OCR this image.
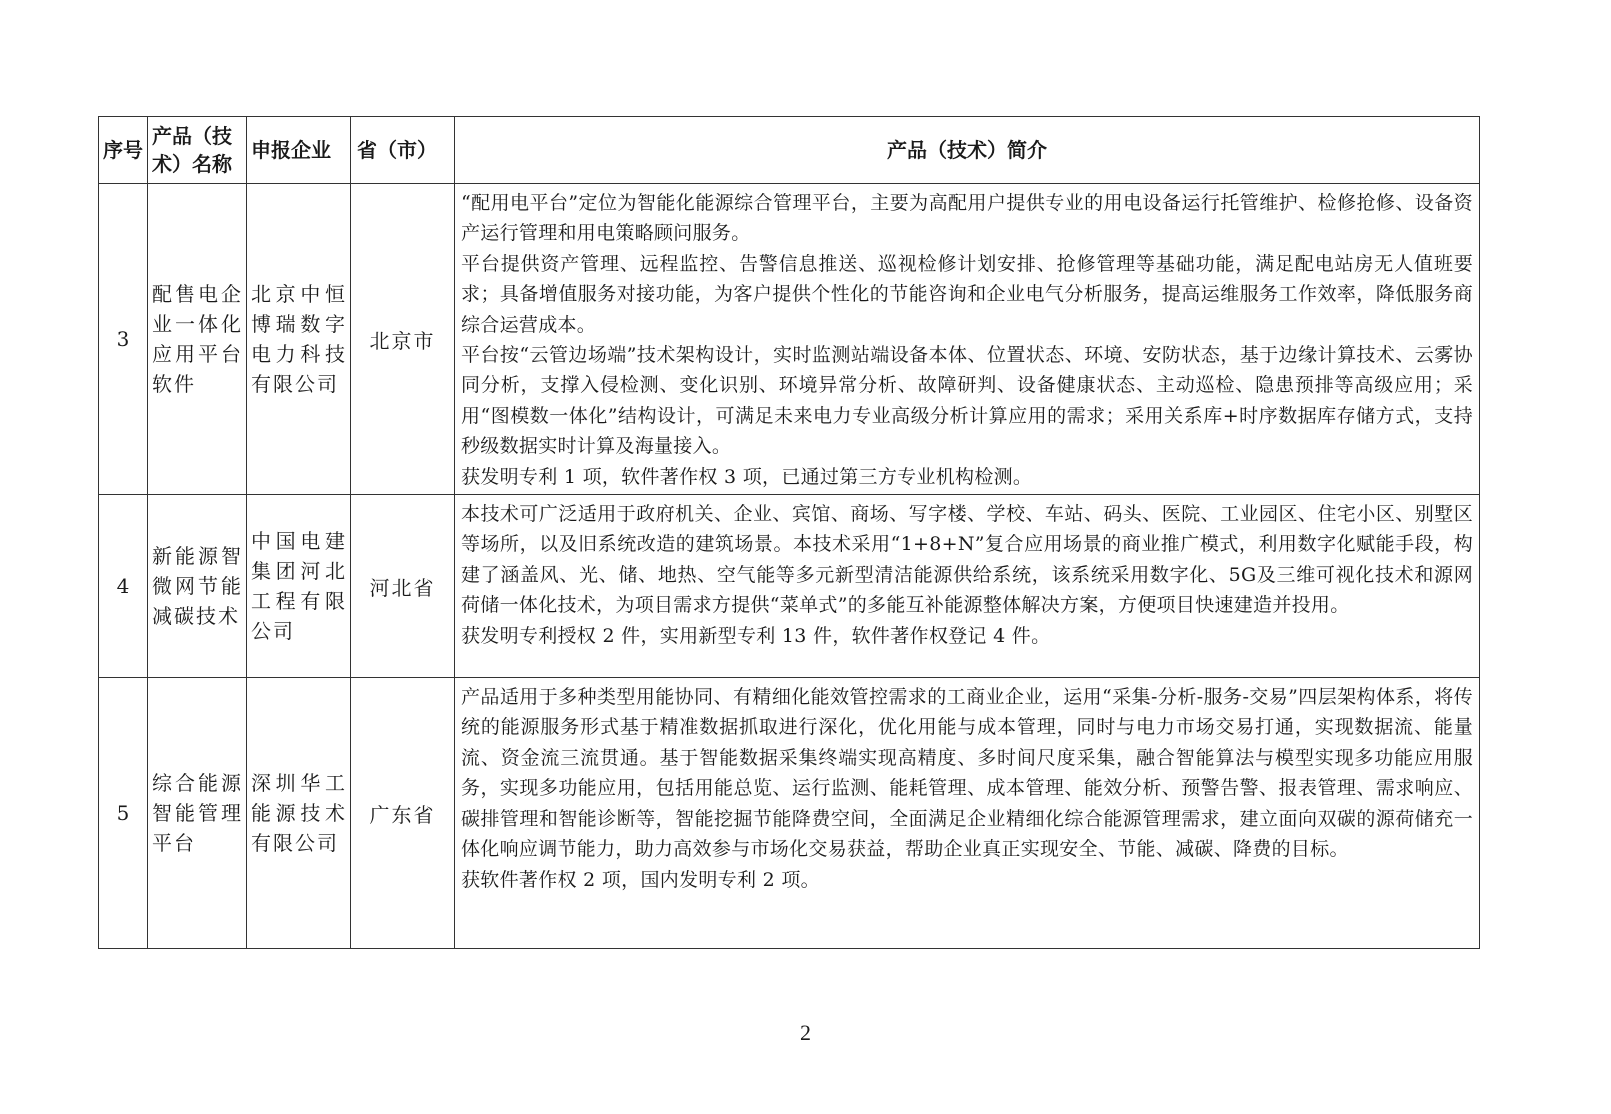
序号	产品（技术）名称	申报企业	省（市）	产品（技术）简介
3	配售电企业一体化应用平台软件	北京中恒博瑞数字电力科技有限公司	北京市	“配用电平台”定位为智能化能源综合管理平台，主要为高配用户提供专业的用电设备运行托管维护、检修抢修、设备资产运行管理和用电策略顾问服务。

平台提供资产管理、远程监控、告警信息推送、巡视检修计划安排、抢修管理等基础功能，满足配电站房无人值班要求；具备增值服务对接功能，为客户提供个性化的节能咨询和企业电气分析服务，提高运维服务工作效率，降低服务商综合运营成本。

平台按“云管边场端”技术架构设计，实时监测站端设备本体、位置状态、环境、安防状态，基于边缘计算技术、云雾协同分析，支撑入侵检测、变化识别、环境异常分析、故障研判、设备健康状态、主动巡检、隐患预排等高级应用；采用“图模数一体化”结构设计，可满足未来电力专业高级分析计算应用的需求；采用关系库+时序数据库存储方式，支持秒级数据实时计算及海量接入。

获发明专利 1 项，软件著作权 3 项，已通过第三方专业机构检测。

4	新能源智微网节能减碳技术	中国电建集团河北工程有限公司	河北省	本技术可广泛适用于政府机关、企业、宾馆、商场、写字楼、学校、车站、码头、医院、工业园区、住宅小区、别墅区等场所，以及旧系统改造的建筑场景。本技术采用“1+8+N”复合应用场景的商业推广模式，利用数字化赋能手段，构建了涵盖风、光、储、地热、空气能等多元新型清洁能源供给系统，该系统采用数字化、5G及三维可视化技术和源网荷储一体化技术，为项目需求方提供“菜单式”的多能互补能源整体解决方案，方便项目快速建造并投用。

获发明专利授权 2 件，实用新型专利 13 件，软件著作权登记 4 件。

5	综合能源智能管理平台	深圳华工能源技术有限公司	广东省	产品适用于多种类型用能协同、有精细化能效管控需求的工商业企业，运用“采集-分析-服务-交易”四层架构体系，将传统的能源服务形式基于精准数据抓取进行深化，优化用能与成本管理，同时与电力市场交易打通，实现数据流、能量流、资金流三流贯通。基于智能数据采集终端实现高精度、多时间尺度采集，融合智能算法与模型实现多功能应用服务，实现多功能应用，包括用能总览、运行监测、能耗管理、成本管理、能效分析、预警告警、报表管理、需求响应、碳排管理和智能诊断等，智能挖掘节能降费空间，全面满足企业精细化综合能源管理需求，建立面向双碳的源荷储充一体化响应调节能力，助力高效参与市场化交易获益，帮助企业真正实现安全、节能、减碳、降费的目标。

获软件著作权 2 项，国内发明专利 2 项。

2
